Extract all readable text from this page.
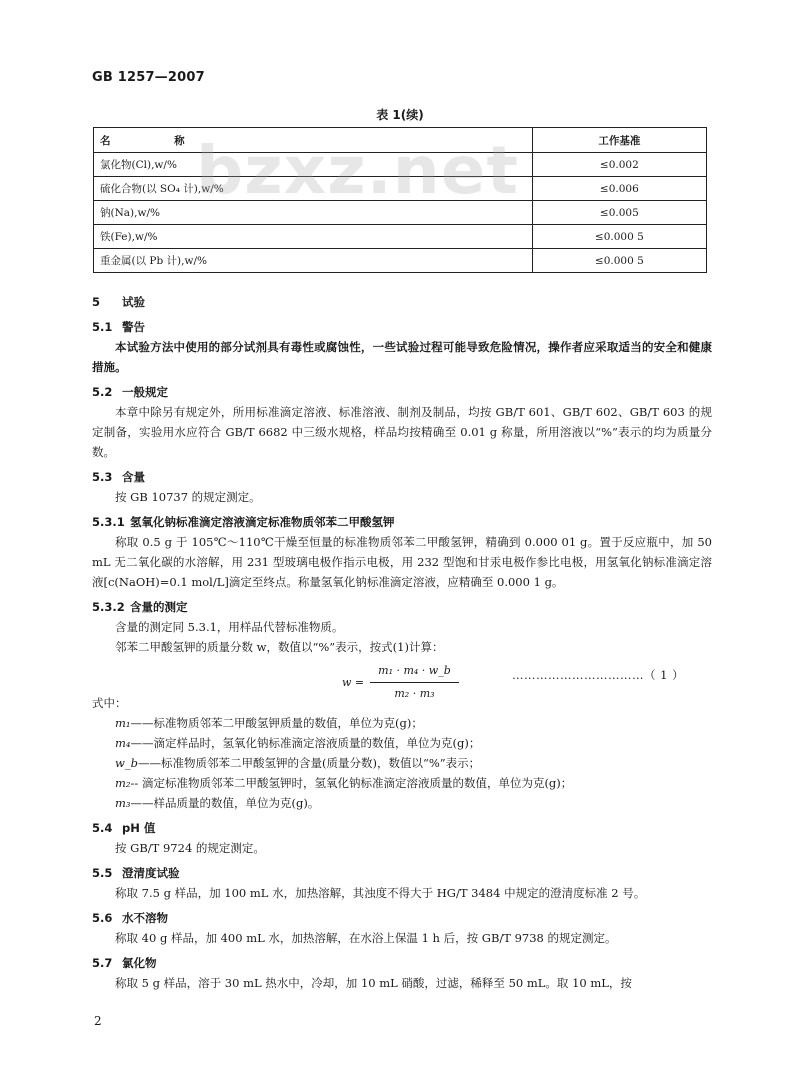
GB 1257—2007
表 1(续)
名 称	工作基准
氯化物(Cl),w/%	≤0.002
硫化合物(以 SO₄ 计),w/%	≤0.006
钠(Na),w/%	≤0.005
铁(Fe),w/%	≤0.000 5
重金属(以 Pb 计),w/%	≤0.000 5
bzxz.net
5 试验
5.1 警告
本试验方法中使用的部分试剂具有毒性或腐蚀性，一些试验过程可能导致危险情况，操作者应采取适当的安全和健康措施。
5.2 一般规定
本章中除另有规定外，所用标准滴定溶液、标准溶液、制剂及制品，均按 GB/T 601、GB/T 602、GB/T 603 的规定制备，实验用水应符合 GB/T 6682 中三级水规格，样品均按精确至 0.01 g 称量，所用溶液以“%”表示的均为质量分数。
5.3 含量
按 GB 10737 的规定测定。
5.3.1 氢氧化钠标准滴定溶液滴定标准物质邻苯二甲酸氢钾
称取 0.5 g 于 105℃～110℃干燥至恒量的标准物质邻苯二甲酸氢钾，精确到 0.000 01 g。置于反应瓶中，加 50 mL 无二氧化碳的水溶解，用 231 型玻璃电极作指示电极，用 232 型饱和甘汞电极作参比电极，用氢氧化钠标准滴定溶液[c(NaOH)=0.1 mol/L]滴定至终点。称量氢氧化钠标准滴定溶液，应精确至 0.000 1 g。
5.3.2 含量的测定
含量的测定同 5.3.1，用样品代替标准物质。
邻苯二甲酸氢钾的质量分数 w，数值以“%”表示，按式(1)计算：
$w = \frac{\text{m₁ · m₄ · w\_b}}{\text{m₂ · m₃}}$	……………………………（ 1 ）
式中：
m₁——标准物质邻苯二甲酸氢钾质量的数值，单位为克(g)；
m₄——滴定样品时，氢氧化钠标准滴定溶液质量的数值，单位为克(g)；
w_b——标准物质邻苯二甲酸氢钾的含量(质量分数)，数值以“%”表示；
m₂-- 滴定标准物质邻苯二甲酸氢钾时，氢氧化钠标准滴定溶液质量的数值，单位为克(g)；
m₃——样品质量的数值，单位为克(g)。
5.4 pH 值
按 GB/T 9724 的规定测定。
5.5 澄清度试验
称取 7.5 g 样品，加 100 mL 水，加热溶解，其浊度不得大于 HG/T 3484 中规定的澄清度标准 2 号。
5.6 水不溶物
称取 40 g 样品，加 400 mL 水，加热溶解，在水浴上保温 1 h 后，按 GB/T 9738 的规定测定。
5.7 氯化物
称取 5 g 样品，溶于 30 mL 热水中，冷却，加 10 mL 硝酸，过滤，稀释至 50 mL。取 10 mL，按
2
